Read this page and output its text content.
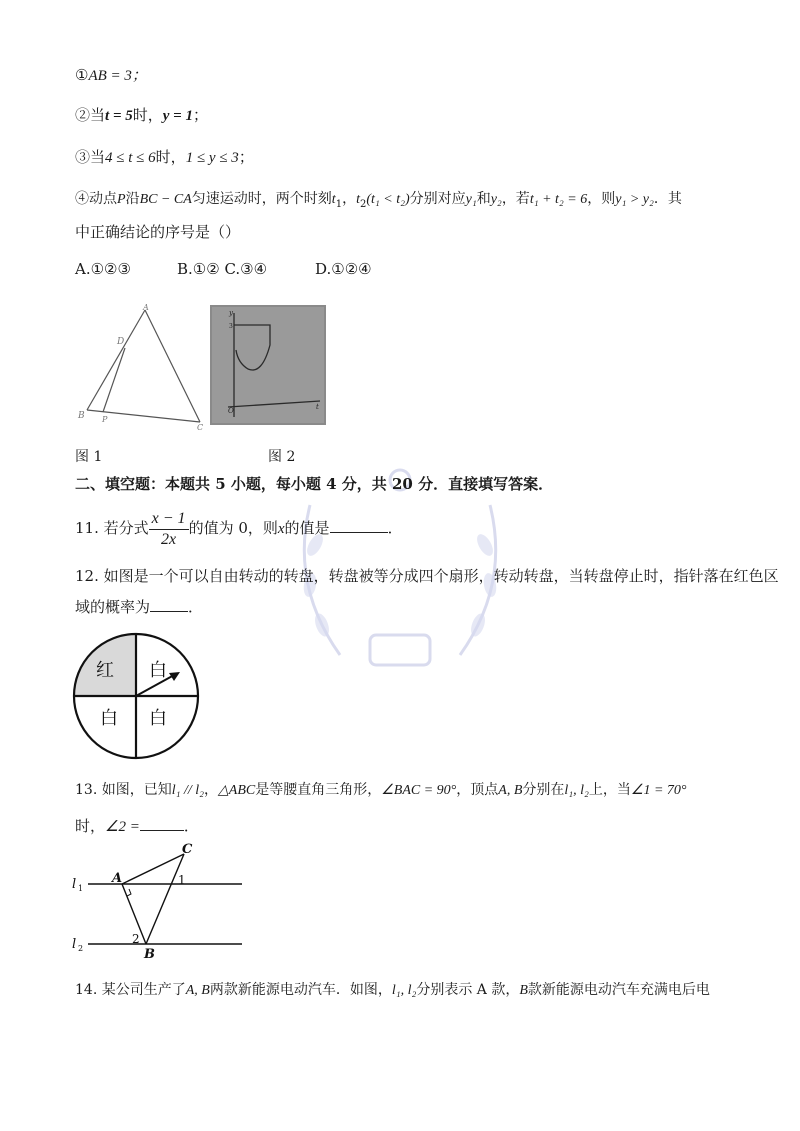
①AB = 3；
②当t = 5时，y = 1；
③当4 ≤ t ≤ 6时，1 ≤ y ≤ 3；
④动点P沿BC − CA匀速运动时，两个时刻$t_1$，$t_2(t_1 < t_2)$分别对应y₁和y₂，若t₁ + t₂ = 6，则y₁ > y₂．其
中正确结论的序号是（）
A.①②③	B.①② C.③④	D.①②④
A
D
B P
C
y
3
O	t
图 1	图 2
二、填空题：本题共 5 小题，每小题 4 分，共 20 分．直接填写答案．
11. 若分式 $\frac{x - 1}{2x}$ 的值为 0，则x的值是	．
12. 如图是一个可以自由转动的转盘，转盘被等分成四个扇形，转动转盘，当转盘停止时，指针落在红色区
域的概率为	．
红 白
白 白
13. 如图，已知l₁ // l₂，△ABC是等腰直角三角形，∠BAC = 90°，顶点A, B分别在l₁, l₂上，当∠1 = 70°
时，∠2 =	．
l 1
l 2
A
C
B
1
2
14. 某公司生产了A, B两款新能源电动汽车．如图，l₁, l₂分别表示 A 款，B款新能源电动汽车充满电后电
